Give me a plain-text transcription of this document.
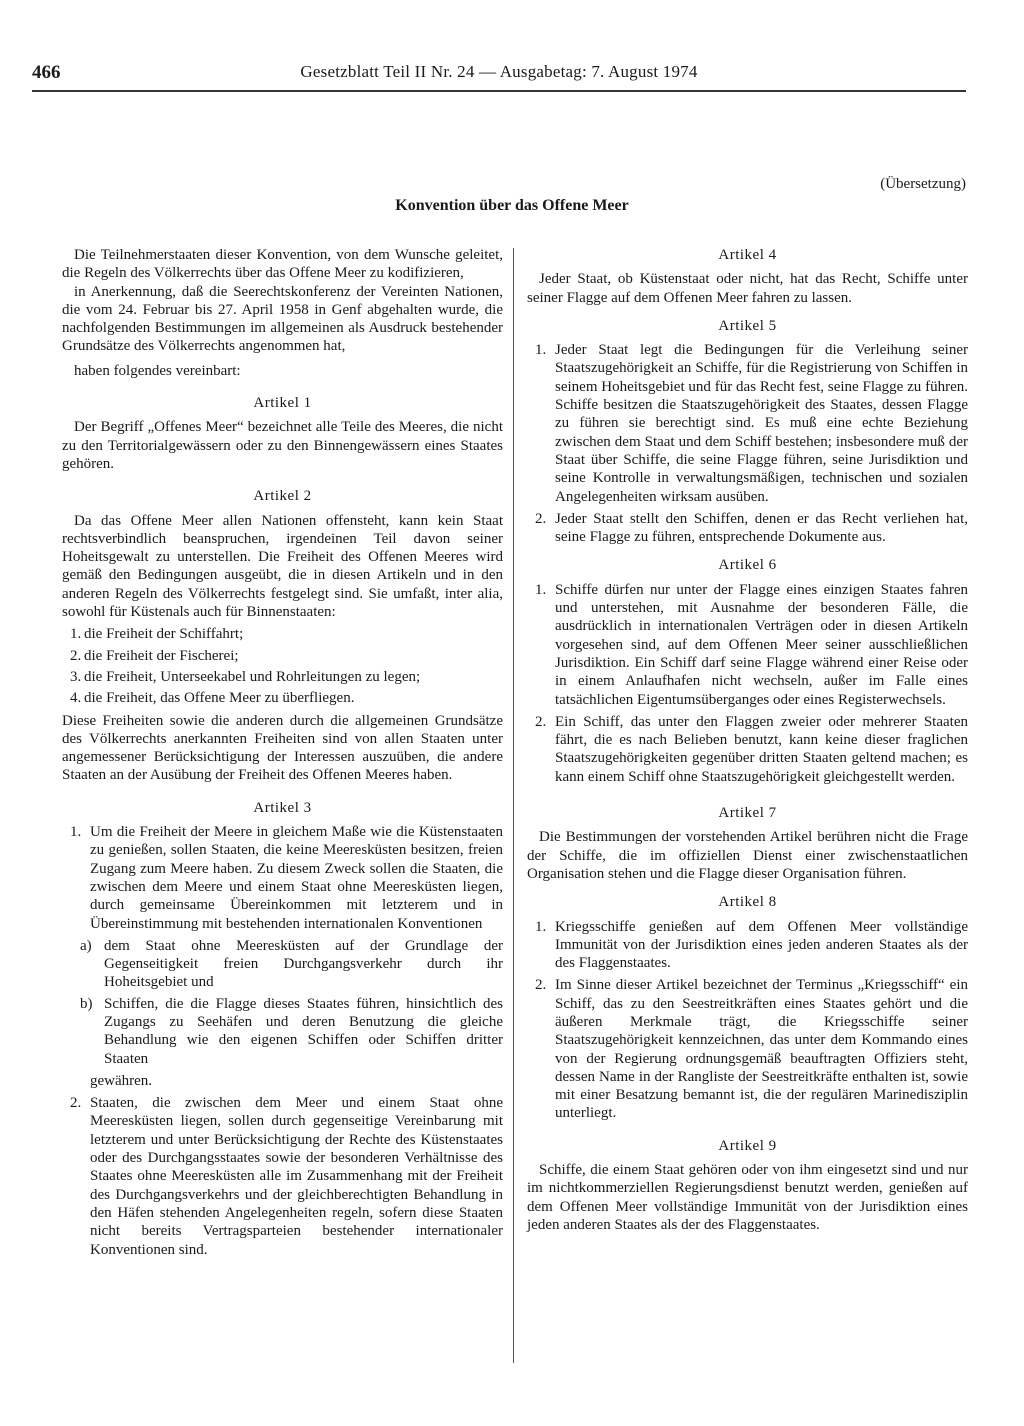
466	Gesetzblatt Teil II Nr. 24 — Ausgabetag: 7. August 1974
(Übersetzung)
Konvention über das Offene Meer

Die Teilnehmerstaaten dieser Konvention, von dem Wunsche geleitet, die Regeln des Völkerrechts über das Offene Meer zu kodifizieren,

in Anerkennung, daß die Seerechtskonferenz der Vereinten Nationen, die vom 24. Februar bis 27. April 1958 in Genf abgehalten wurde, die nachfolgenden Bestimmungen im allgemeinen als Ausdruck bestehender Grundsätze des Völkerrechts angenommen hat,

haben folgendes vereinbart:

Artikel 1

Der Begriff „Offenes Meer“ bezeichnet alle Teile des Meeres, die nicht zu den Territorialgewässern oder zu den Binnengewässern eines Staates gehören.

Artikel 2

Da das Offene Meer allen Nationen offensteht, kann kein Staat rechtsverbindlich beanspruchen, irgendeinen Teil davon seiner Hoheitsgewalt zu unterstellen. Die Freiheit des Offenen Meeres wird gemäß den Bedingungen ausgeübt, die in diesen Artikeln und in den anderen Regeln des Völkerrechts festgelegt sind. Sie umfaßt, inter alia, sowohl für Küstenals auch für Binnenstaaten:

1. die Freiheit der Schiffahrt;
2. die Freiheit der Fischerei;
3. die Freiheit, Unterseekabel und Rohrleitungen zu legen;
4. die Freiheit, das Offene Meer zu überfliegen.

Diese Freiheiten sowie die anderen durch die allgemeinen Grundsätze des Völkerrechts anerkannten Freiheiten sind von allen Staaten unter angemessener Berücksichtigung der Interessen auszuüben, die andere Staaten an der Ausübung der Freiheit des Offenen Meeres haben.

Artikel 3
1. Um die Freiheit der Meere in gleichem Maße wie die Küstenstaaten zu genießen, sollen Staaten, die keine Meeresküsten besitzen, freien Zugang zum Meere haben. Zu diesem Zweck sollen die Staaten, die zwischen dem Meere und einem Staat ohne Meeresküsten liegen, durch gemeinsame Übereinkommen mit letzterem und in Übereinstimmung mit bestehenden internationalen Konventionen
a) dem Staat ohne Meeresküsten auf der Grundlage der Gegenseitigkeit freien Durchgangsverkehr durch ihr Hoheitsgebiet und
b) Schiffen, die die Flagge dieses Staates führen, hinsichtlich des Zugangs zu Seehäfen und deren Benutzung die gleiche Behandlung wie den eigenen Schiffen oder Schiffen dritter Staaten
gewähren.
2. Staaten, die zwischen dem Meer und einem Staat ohne Meeresküsten liegen, sollen durch gegenseitige Vereinbarung mit letzterem und unter Berücksichtigung der Rechte des Küstenstaates oder des Durchgangsstaates sowie der besonderen Verhältnisse des Staates ohne Meeresküsten alle im Zusammenhang mit der Freiheit des Durchgangsverkehrs und der gleichberechtigten Behandlung in den Häfen stehenden Angelegenheiten regeln, sofern diese Staaten nicht bereits Vertragsparteien bestehender internationaler Konventionen sind.
Artikel 4

Jeder Staat, ob Küstenstaat oder nicht, hat das Recht, Schiffe unter seiner Flagge auf dem Offenen Meer fahren zu lassen.

Artikel 5
1. Jeder Staat legt die Bedingungen für die Verleihung seiner Staatszugehörigkeit an Schiffe, für die Registrierung von Schiffen in seinem Hoheitsgebiet und für das Recht fest, seine Flagge zu führen. Schiffe besitzen die Staatszugehörigkeit des Staates, dessen Flagge zu führen sie berechtigt sind. Es muß eine echte Beziehung zwischen dem Staat und dem Schiff bestehen; insbesondere muß der Staat über Schiffe, die seine Flagge führen, seine Jurisdiktion und seine Kontrolle in verwaltungsmäßigen, technischen und sozialen Angelegenheiten wirksam ausüben.
2. Jeder Staat stellt den Schiffen, denen er das Recht verliehen hat, seine Flagge zu führen, entsprechende Dokumente aus.
Artikel 6
1. Schiffe dürfen nur unter der Flagge eines einzigen Staates fahren und unterstehen, mit Ausnahme der besonderen Fälle, die ausdrücklich in internationalen Verträgen oder in diesen Artikeln vorgesehen sind, auf dem Offenen Meer seiner ausschließlichen Jurisdiktion. Ein Schiff darf seine Flagge während einer Reise oder in einem Anlaufhafen nicht wechseln, außer im Falle eines tatsächlichen Eigentumsüberganges oder eines Registerwechsels.
2. Ein Schiff, das unter den Flaggen zweier oder mehrerer Staaten fährt, die es nach Belieben benutzt, kann keine dieser fraglichen Staatszugehörigkeiten gegenüber dritten Staaten geltend machen; es kann einem Schiff ohne Staatszugehörigkeit gleichgestellt werden.
Artikel 7

Die Bestimmungen der vorstehenden Artikel berühren nicht die Frage der Schiffe, die im offiziellen Dienst einer zwischenstaatlichen Organisation stehen und die Flagge dieser Organisation führen.

Artikel 8
1. Kriegsschiffe genießen auf dem Offenen Meer vollständige Immunität von der Jurisdiktion eines jeden anderen Staates als der des Flaggenstaates.
2. Im Sinne dieser Artikel bezeichnet der Terminus „Kriegsschiff“ ein Schiff, das zu den Seestreitkräften eines Staates gehört und die äußeren Merkmale trägt, die Kriegsschiffe seiner Staatszugehörigkeit kennzeichnen, das unter dem Kommando eines von der Regierung ordnungsgemäß beauftragten Offiziers steht, dessen Name in der Rangliste der Seestreitkräfte enthalten ist, sowie mit einer Besatzung bemannt ist, die der regulären Marinedisziplin unterliegt.
Artikel 9

Schiffe, die einem Staat gehören oder von ihm eingesetzt sind und nur im nichtkommerziellen Regierungsdienst benutzt werden, genießen auf dem Offenen Meer vollständige Immunität von der Jurisdiktion eines jeden anderen Staates als der des Flaggenstaates.
